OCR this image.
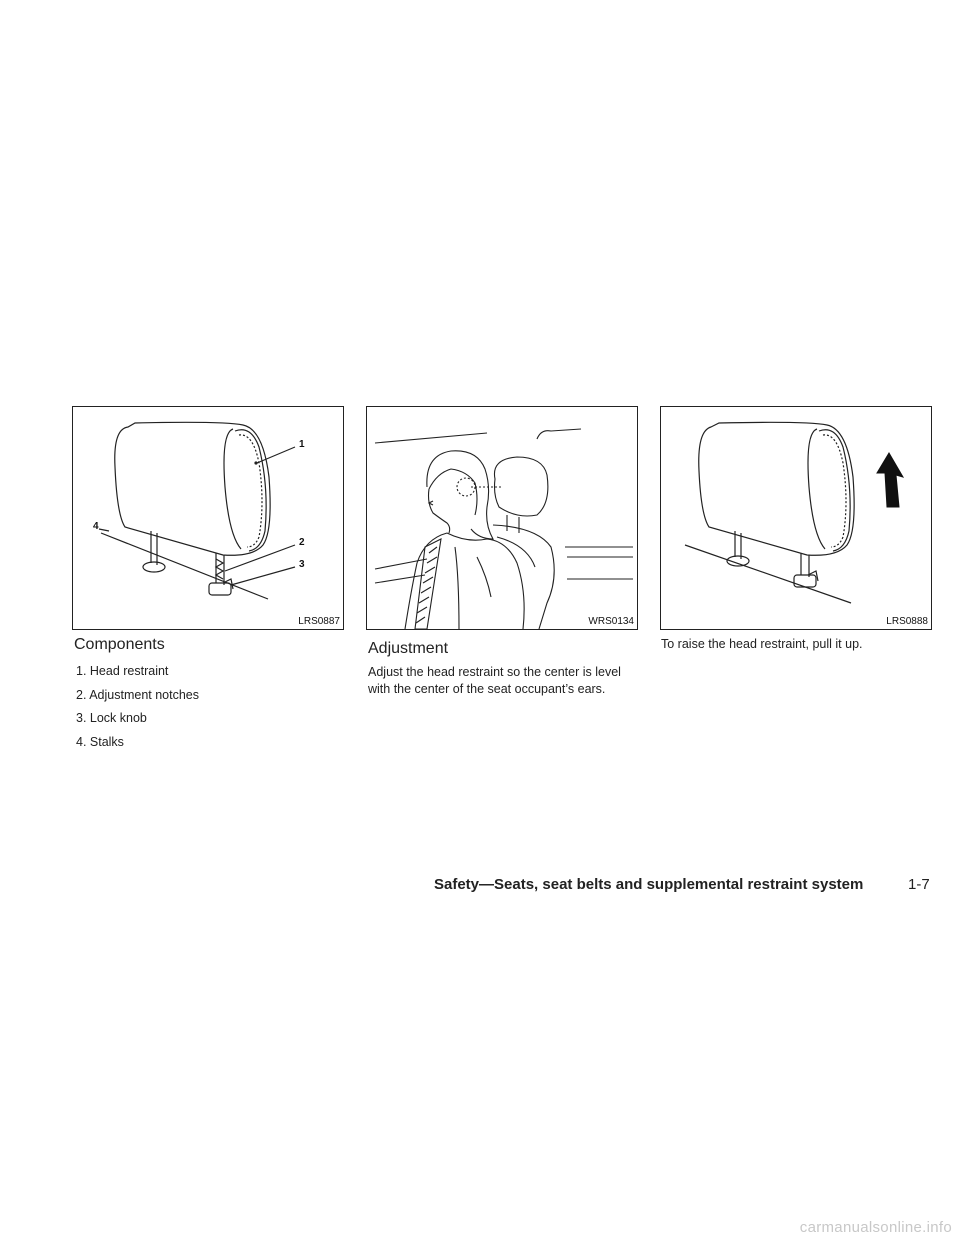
1
2
3
4
LRS0887	WRS0134	LRS0888
Components
1. Head restraint
2. Adjustment notches
3. Lock knob
4. Stalks
Adjustment

Adjust the head restraint so the center is level

with the center of the seat occupant’s ears.

To raise the head restraint, pull it up.

Safety—Seats, seat belts and supplemental restraint system	1-7
carmanualsonline.info
